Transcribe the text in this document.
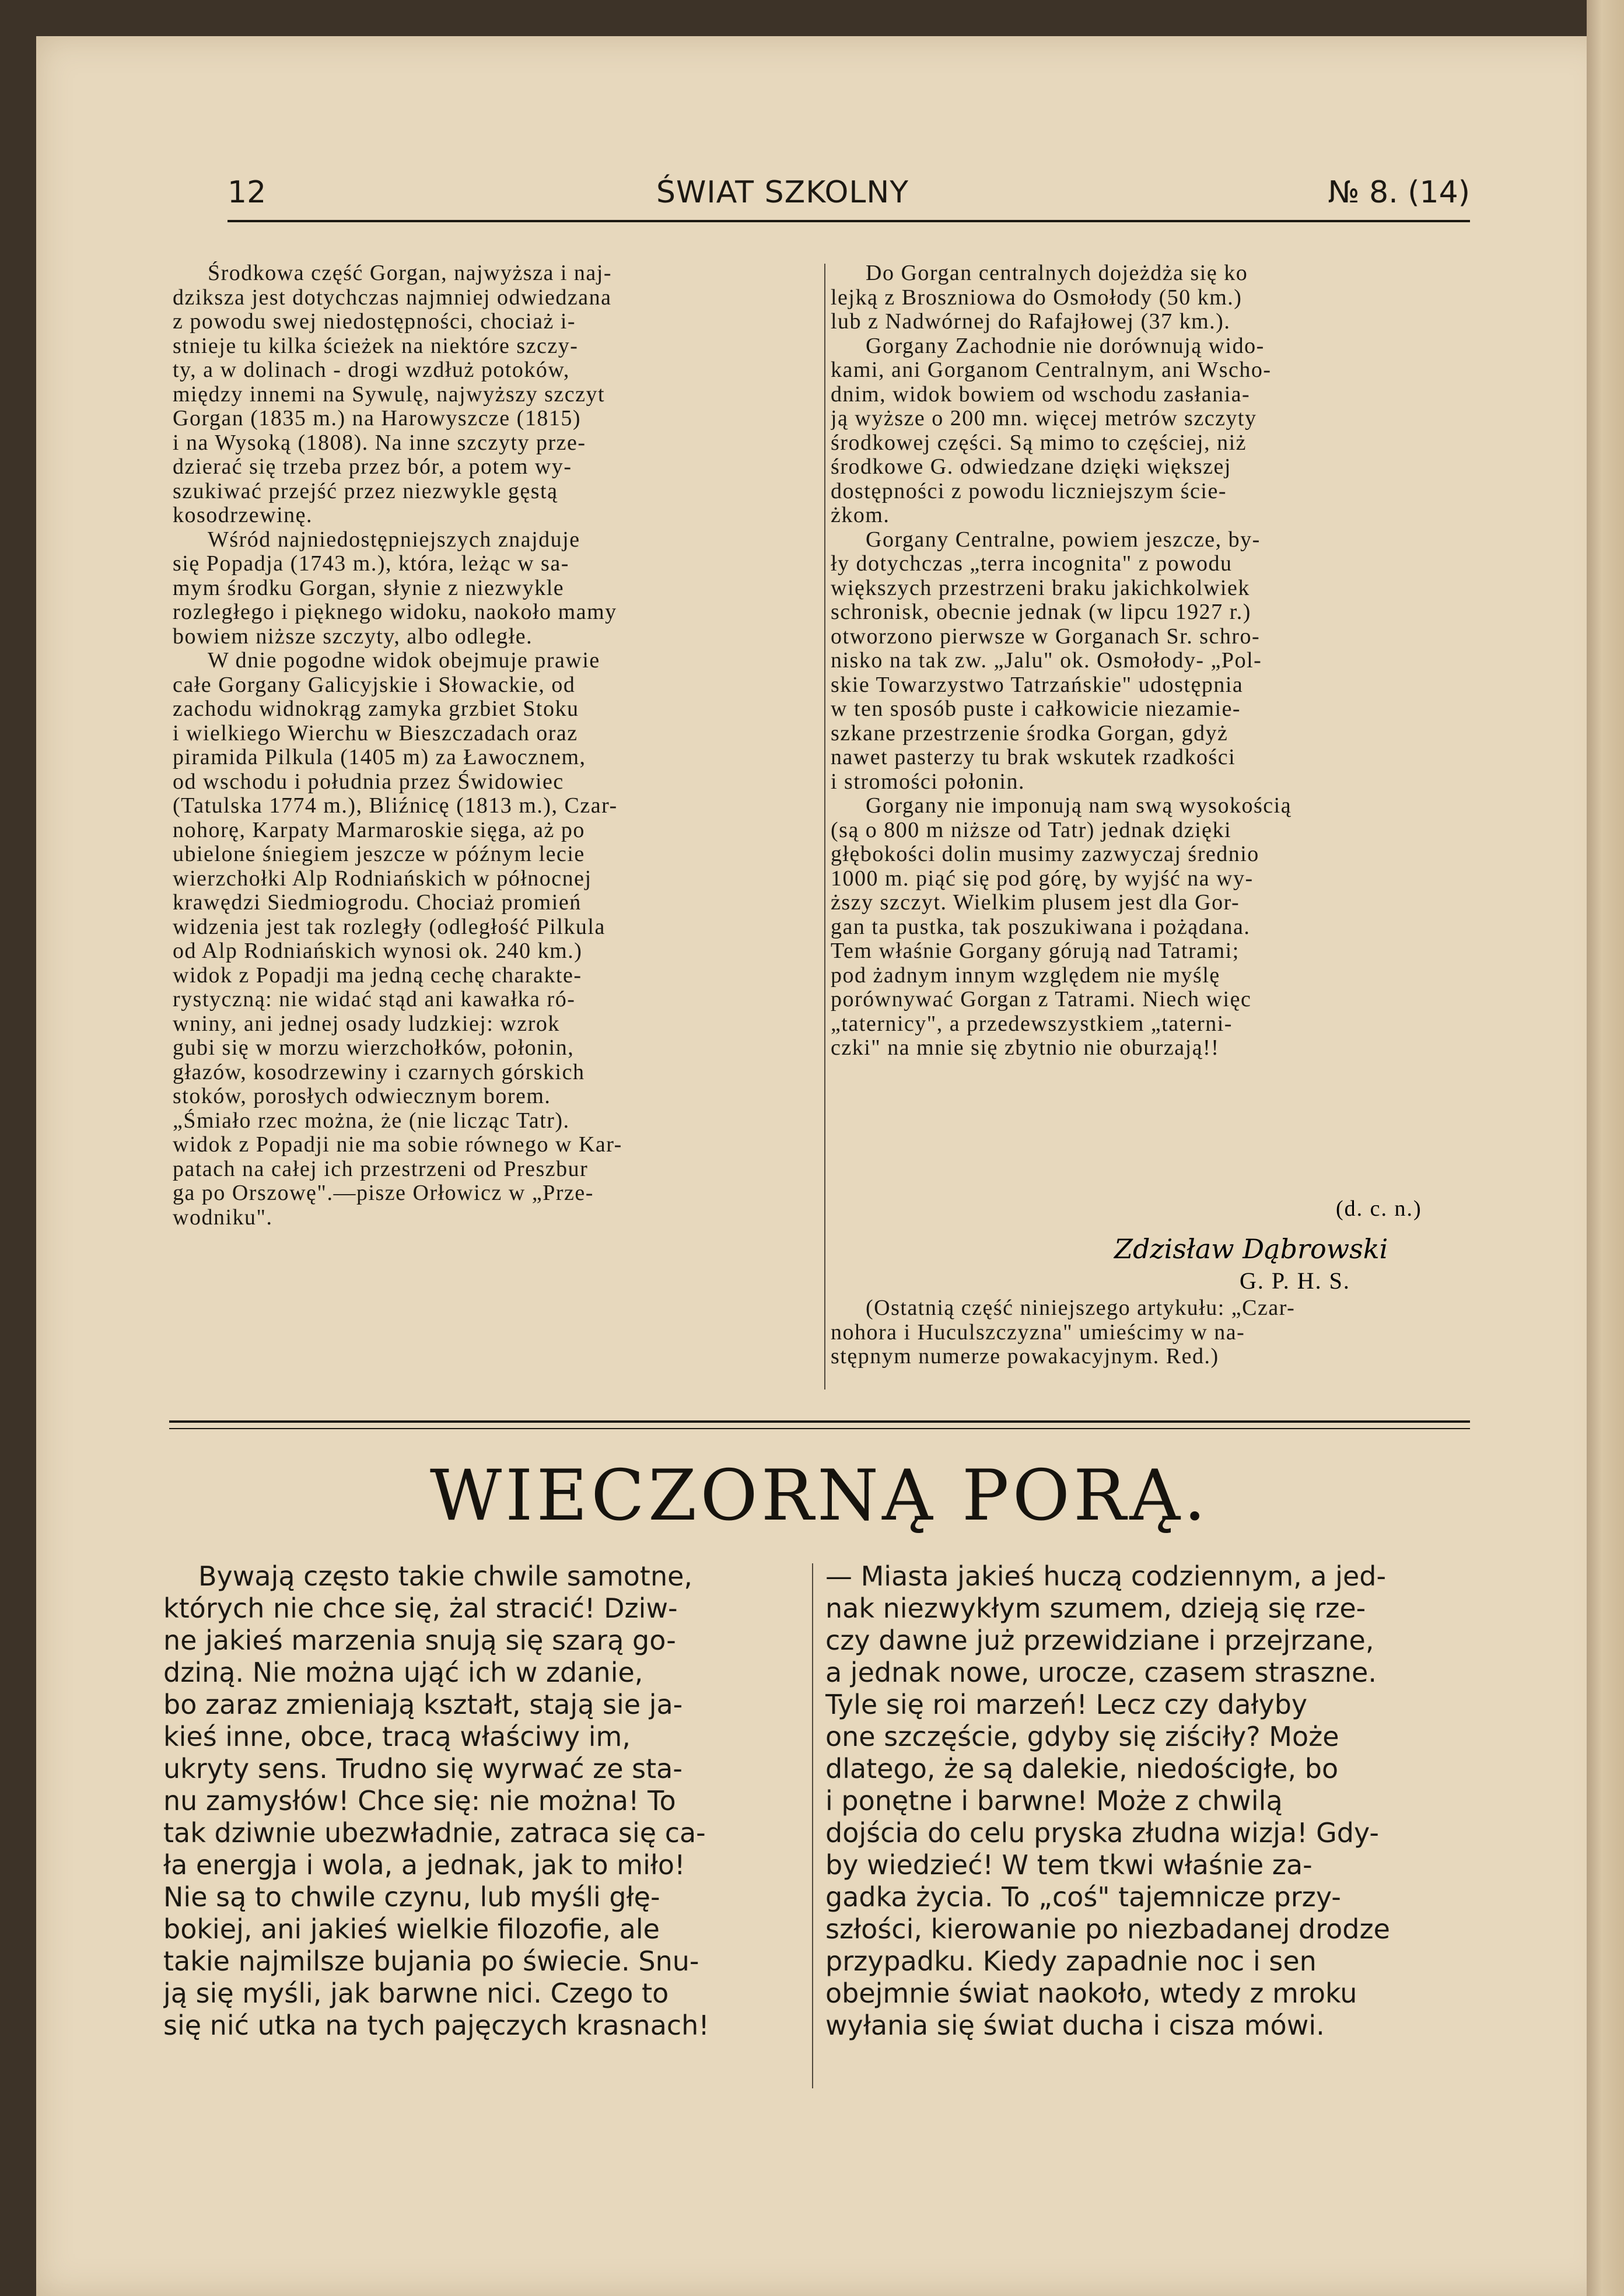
12	ŚWIAT SZKOLNY	№ 8. (14)
Środkowa część Gorgan, najwyższa i naj-
dziksza jest dotychczas najmniej odwiedzana
z powodu swej niedostępności, chociaż i-
stnieje tu kilka ścieżek na niektóre szczy-
ty, a w dolinach - drogi wzdłuż potoków,
między innemi na Sywulę, najwyższy szczyt
Gorgan (1835 m.) na Harowyszcze (1815)
i na Wysoką (1808). Na inne szczyty prze-
dzierać się trzeba przez bór, a potem wy-
szukiwać przejść przez niezwykle gęstą
kosodrzewinę.
Wśród najniedostępniejszych znajduje
się Popadja (1743 m.), która, leżąc w sa-
mym środku Gorgan, słynie z niezwykle
rozległego i pięknego widoku, naokoło mamy
bowiem niższe szczyty, albo odległe.
W dnie pogodne widok obejmuje prawie
całe Gorgany Galicyjskie i Słowackie, od
zachodu widnokrąg zamyka grzbiet Stoku
i wielkiego Wierchu w Bieszczadach oraz
piramida Pilkula (1405 m) za Ławocznem,
od wschodu i południa przez Świdowiec
(Tatulska 1774 m.), Bliźnicę (1813 m.), Czar-
nohorę, Karpaty Marmaroskie sięga, aż po
ubielone śniegiem jeszcze w późnym lecie
wierzchołki Alp Rodniańskich w północnej
krawędzi Siedmiogrodu. Chociaż promień
widzenia jest tak rozległy (odległość Pilkula
od Alp Rodniańskich wynosi ok. 240 km.)
widok z Popadji ma jedną cechę charakte-
rystyczną: nie widać stąd ani kawałka ró-
wniny, ani jednej osady ludzkiej: wzrok
gubi się w morzu wierzchołków, połonin,
głazów, kosodrzewiny i czarnych górskich
stoków, porosłych odwiecznym borem.
„Śmiało rzec można, że (nie licząc Tatr).
widok z Popadji nie ma sobie równego w Kar-
patach na całej ich przestrzeni od Preszbur
ga po Orszowę".—pisze Orłowicz w „Prze-
wodniku".
Do Gorgan centralnych dojeżdża się ko
lejką z Broszniowa do Osmołody (50 km.)
lub z Nadwórnej do Rafajłowej (37 km.).
Gorgany Zachodnie nie dorównują wido-
kami, ani Gorganom Centralnym, ani Wscho-
dnim, widok bowiem od wschodu zasłania-
ją wyższe o 200 mn. więcej metrów szczyty
środkowej części. Są mimo to częściej, niż
środkowe G. odwiedzane dzięki większej
dostępności z powodu liczniejszym ście-
żkom.
Gorgany Centralne, powiem jeszcze, by-
ły dotychczas „terra incognita" z powodu
większych przestrzeni braku jakichkolwiek
schronisk, obecnie jednak (w lipcu 1927 r.)
otworzono pierwsze w Gorganach Sr. schro-
nisko na tak zw. „Jalu" ok. Osmołody- „Pol-
skie Towarzystwo Tatrzańskie" udostępnia
w ten sposób puste i całkowicie niezamie-
szkane przestrzenie środka Gorgan, gdyż
nawet pasterzy tu brak wskutek rzadkości
i stromości połonin.
Gorgany nie imponują nam swą wysokością
(są o 800 m niższe od Tatr) jednak dzięki
głębokości dolin musimy zazwyczaj średnio
1000 m. piąć się pod górę, by wyjść na wy-
ższy szczyt. Wielkim plusem jest dla Gor-
gan ta pustka, tak poszukiwana i pożądana.
Tem właśnie Gorgany górują nad Tatrami;
pod żadnym innym względem nie myślę
porównywać Gorgan z Tatrami. Niech więc
„taternicy", a przedewszystkiem „taterni-
czki" na mnie się zbytnio nie oburzają!!
(d. c. n.)
Zdzisław Dąbrowski
G. P. H. S.
(Ostatnią część niniejszego artykułu: „Czar-
nohora i Huculszczyzna" umieścimy w na-
stępnym numerze powakacyjnym. Red.)
WIECZORNĄ PORĄ.
Bywają często takie chwile samotne,
których nie chce się, żal stracić! Dziw-
ne jakieś marzenia snują się szarą go-
dziną. Nie można ująć ich w zdanie,
bo zaraz zmieniają kształt, stają sie ja-
kieś inne, obce, tracą właściwy im,
ukryty sens. Trudno się wyrwać ze sta-
nu zamysłów! Chce się: nie można! To
tak dziwnie ubezwładnie, zatraca się ca-
ła energja i wola, a jednak, jak to miło!
Nie są to chwile czynu, lub myśli głę-
bokiej, ani jakieś wielkie filozofie, ale
takie najmilsze bujania po świecie. Snu-
ją się myśli, jak barwne nici. Czego to
się nić utka na tych pajęczych krasnach!
— Miasta jakieś huczą codziennym, a jed-
nak niezwykłym szumem, dzieją się rze-
czy dawne już przewidziane i przejrzane,
a jednak nowe, urocze, czasem straszne.
Tyle się roi marzeń! Lecz czy dałyby
one szczęście, gdyby się ziściły? Może
dlatego, że są dalekie, niedościgłe, bo
i ponętne i barwne! Może z chwilą
dojścia do celu pryska złudna wizja! Gdy-
by wiedzieć! W tem tkwi właśnie za-
gadka życia. To „coś" tajemnicze przy-
szłości, kierowanie po niezbadanej drodze
przypadku. Kiedy zapadnie noc i sen
obejmnie świat naokoło, wtedy z mroku
wyłania się świat ducha i cisza mówi.
